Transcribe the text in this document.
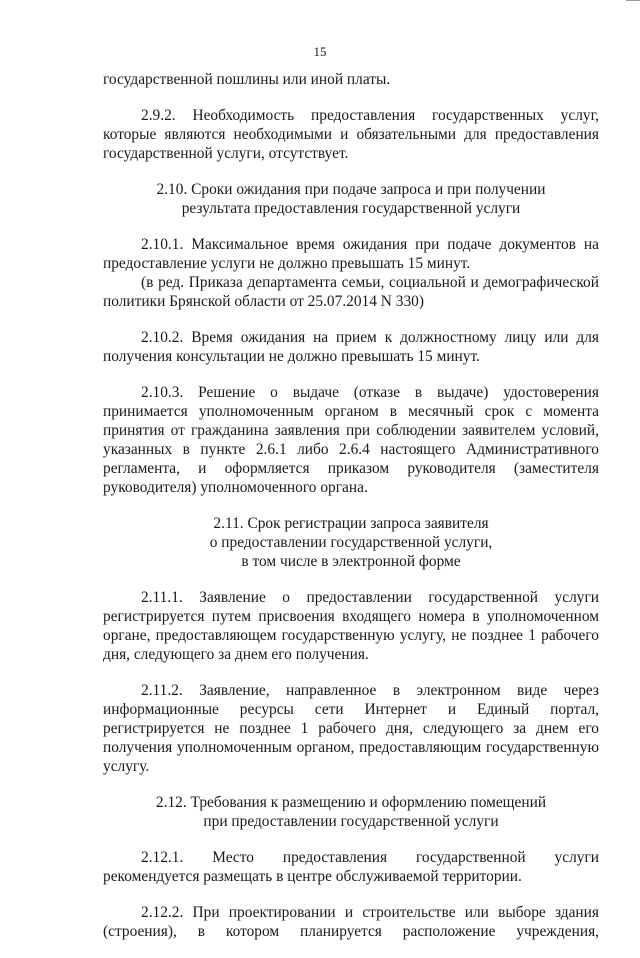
15

государственной пошлины или иной платы.

2.9.2. Необходимость предоставления государственных услуг, которые являются необходимыми и обязательными для предоставления государственной услуги, отсутствует.

2.10. Сроки ожидания при подаче запроса и при получении
результата предоставления государственной услуги

2.10.1. Максимальное время ожидания при подаче документов на предоставление услуги не должно превышать 15 минут.

(в ред. Приказа департамента семьи, социальной и демографической политики Брянской области от 25.07.2014 N 330)

2.10.2. Время ожидания на прием к должностному лицу или для получения консультации не должно превышать 15 минут.

2.10.3. Решение о выдаче (отказе в выдаче) удостоверения принимается уполномоченным органом в месячный срок с момента принятия от гражданина заявления при соблюдении заявителем условий, указанных в пункте 2.6.1 либо 2.6.4 настоящего Административного регламента, и оформляется приказом руководителя (заместителя руководителя) уполномоченного органа.

2.11. Срок регистрации запроса заявителя
о предоставлении государственной услуги,
в том числе в электронной форме

2.11.1. Заявление о предоставлении государственной услуги регистрируется путем присвоения входящего номера в уполномоченном органе, предоставляющем государственную услугу, не позднее 1 рабочего дня, следующего за днем его получения.

2.11.2. Заявление, направленное в электронном виде через информационные ресурсы сети Интернет и Единый портал, регистрируется не позднее 1 рабочего дня, следующего за днем его получения уполномоченным органом, предоставляющим государственную услугу.

2.12. Требования к размещению и оформлению помещений
при предоставлении государственной услуги

2.12.1. Место предоставления государственной услуги рекомендуется размещать в центре обслуживаемой территории.

2.12.2. При проектировании и строительстве или выборе здания (строения), в котором планируется расположение учреждения,
